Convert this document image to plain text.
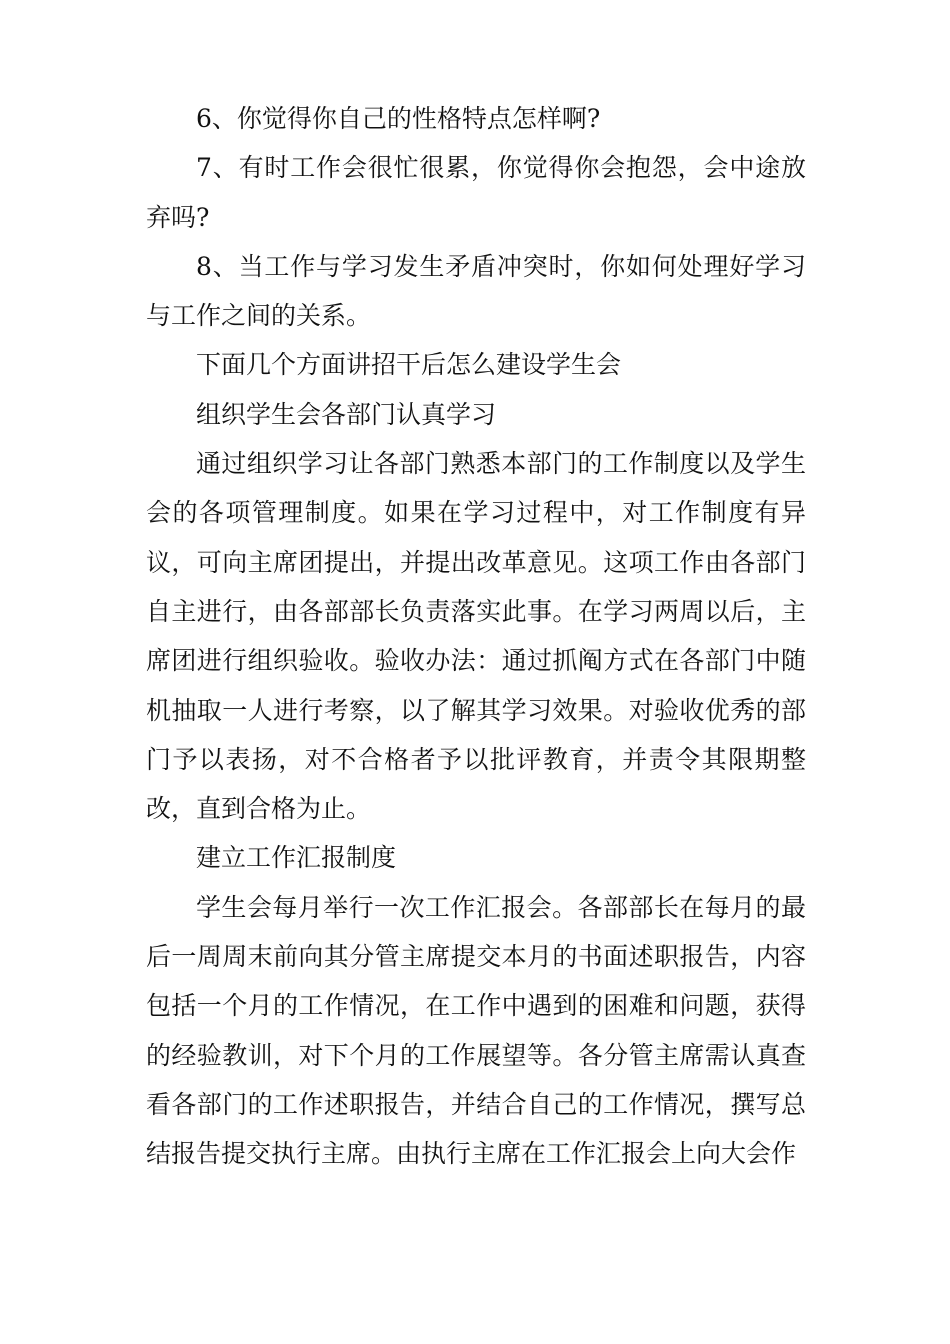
6、你觉得你自己的性格特点怎样啊?

7、有时工作会很忙很累，你觉得你会抱怨，会中途放弃吗?

8、当工作与学习发生矛盾冲突时，你如何处理好学习与工作之间的关系。

下面几个方面讲招干后怎么建设学生会

组织学生会各部门认真学习

通过组织学习让各部门熟悉本部门的工作制度以及学生会的各项管理制度。如果在学习过程中，对工作制度有异议，可向主席团提出，并提出改革意见。这项工作由各部门自主进行，由各部部长负责落实此事。在学习两周以后，主席团进行组织验收。验收办法：通过抓阄方式在各部门中随机抽取一人进行考察，以了解其学习效果。对验收优秀的部门予以表扬，对不合格者予以批评教育，并责令其限期整改，直到合格为止。

建立工作汇报制度

学生会每月举行一次工作汇报会。各部部长在每月的最后一周周末前向其分管主席提交本月的书面述职报告，内容包括一个月的工作情况，在工作中遇到的困难和问题，获得的经验教训，对下个月的工作展望等。各分管主席需认真查看各部门的工作述职报告，并结合自己的工作情况，撰写总结报告提交执行主席。由执行主席在工作汇报会上向大会作
